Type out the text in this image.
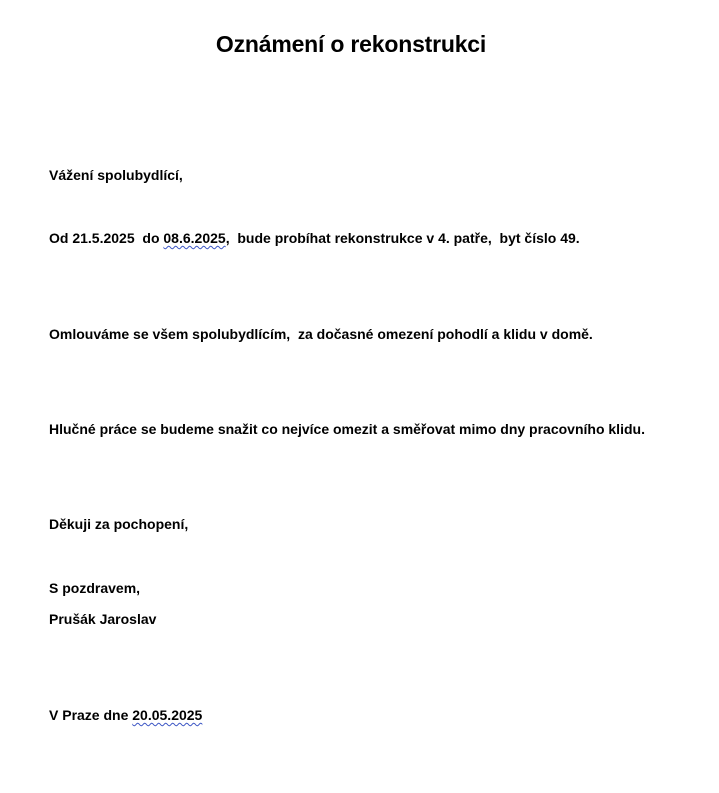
Oznámení o rekonstrukci

Vážení spolubydlící,

Od 21.5.2025  do 08.6.2025,  bude probíhat rekonstrukce v 4. patře,  byt číslo 49.

Omlouváme se všem spolubydlícím,  za dočasné omezení pohodlí a klidu v domě.

Hlučné práce se budeme snažit co nejvíce omezit a směřovat mimo dny pracovního klidu.

Děkuji za pochopení,

S pozdravem,

Prušák Jaroslav

V Praze dne 20.05.2025
